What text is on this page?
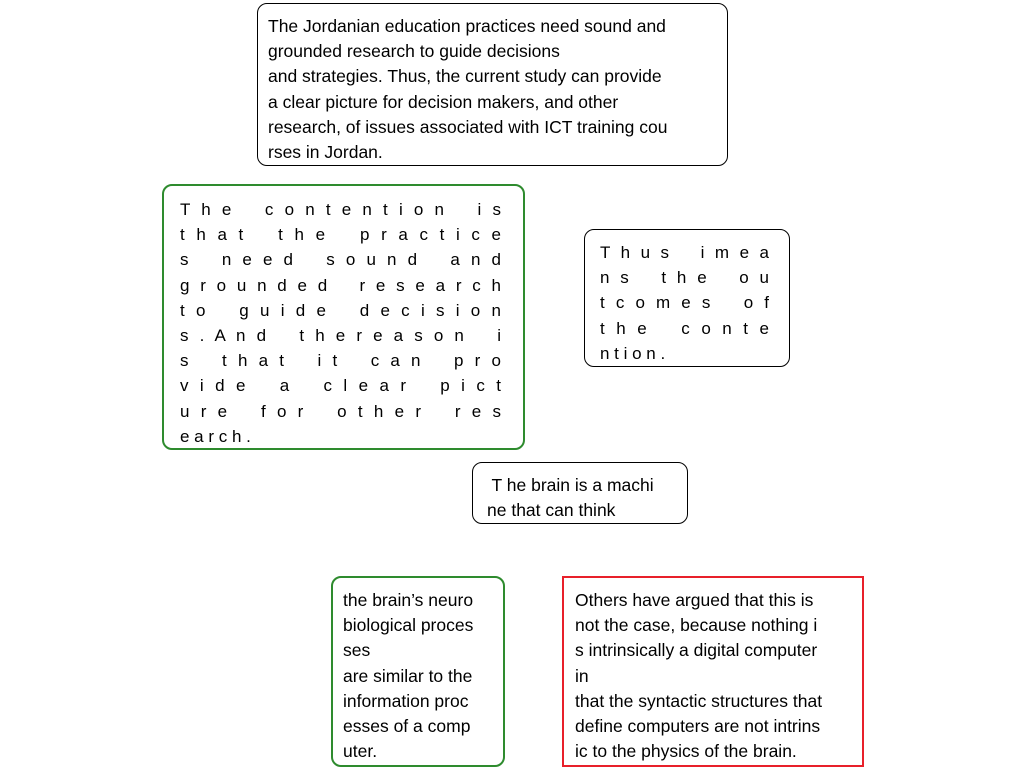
The Jordanian education practices need sound and
grounded research to guide decisions
and strategies. Thus, the current study can provide
a clear picture for decision makers, and other
research, of issues associated with ICT training cou
rses in Jordan.
T h e   c o n t e n t i o n   i s
t h a t   t h e   p r a c t i c e
s   n e e d   s o u n d   a n d
g r o u n d e d   r e s e a r c h
t o   g u i d e   d e c i s i o n
s . A n d   t h e r e a s o n   i
s   t h a t   i t   c a n   p r o
v i d e   a   c l e a r   p i c t
u r e   f o r   o t h e r   r e s
e a r c h .
T h u s   i m e a
n s   t h e   o u
t c o m e s   o f
t h e   c o n t e
n t i o n .
T he brain is a machi
ne that can think
the brain’s neuro
biological proces
ses
are similar to the
information proc
esses of a comp
uter.
Others have argued that this is
not the case, because nothing i
s intrinsically a digital computer
in
that the syntactic structures that
define computers are not intrins
ic to the physics of the brain.
